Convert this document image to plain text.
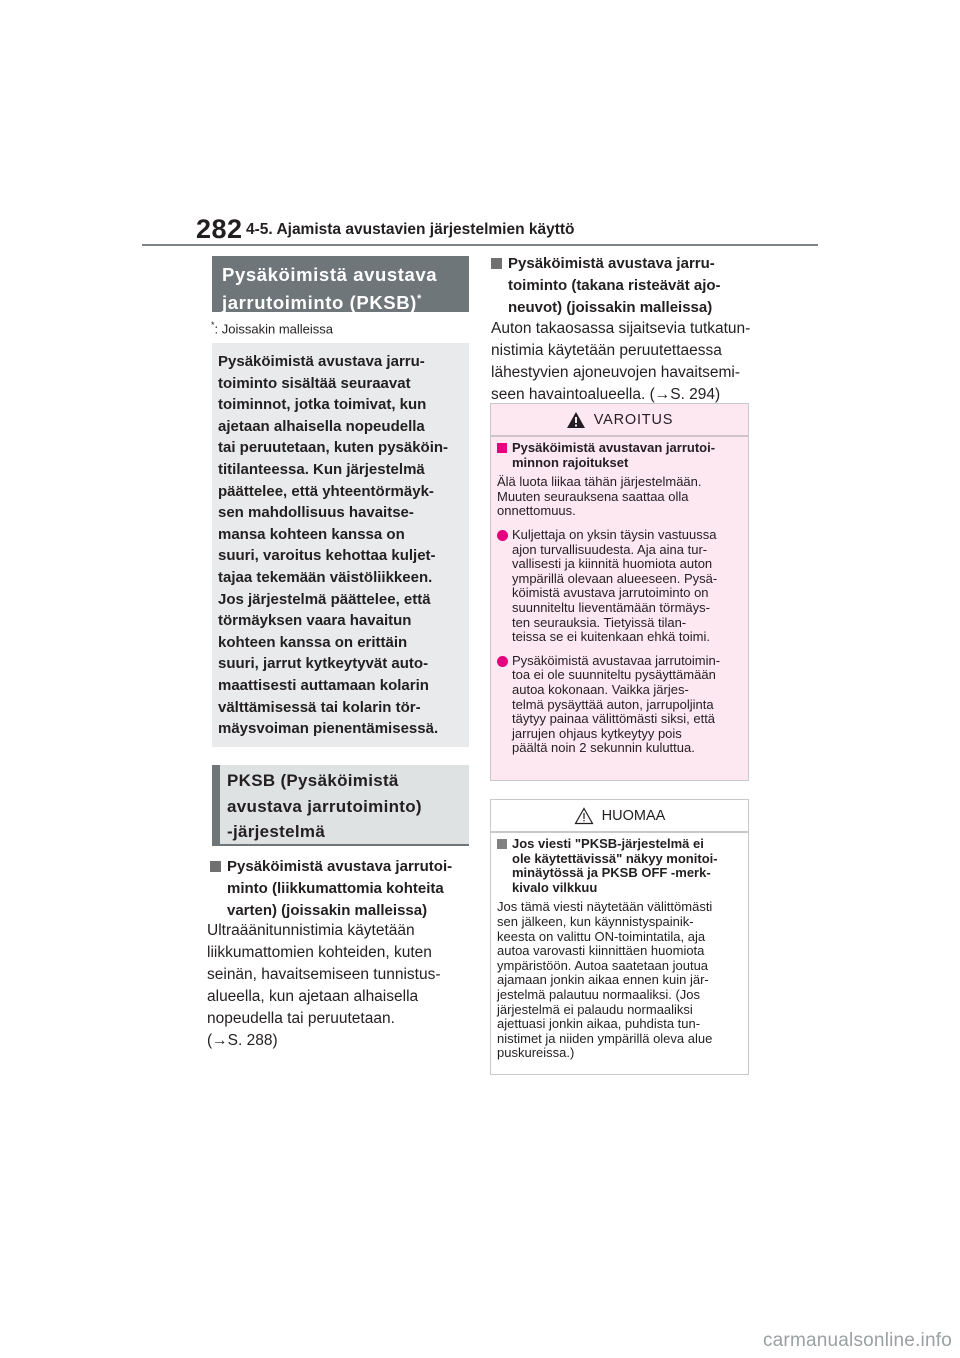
282 4-5. Ajamista avustavien järjestelmien käyttö
Pysäköimistä avustava
jarrutoiminto (PKSB)*
*: Joissakin malleissa
Pysäköimistä avustava jarru-
toiminto sisältää seuraavat
toiminnot, jotka toimivat, kun
ajetaan alhaisella nopeudella
tai peruutetaan, kuten pysäköin-
titilanteessa. Kun järjestelmä
päättelee, että yhteentörmäyk-
sen mahdollisuus havaitse-
mansa kohteen kanssa on
suuri, varoitus kehottaa kuljet-
tajaa tekemään väistöliikkeen.
Jos järjestelmä päättelee, että
törmäyksen vaara havaitun
kohteen kanssa on erittäin
suuri, jarrut kytkeytyvät auto-
maattisesti auttamaan kolarin
välttämisessä tai kolarin tör-
mäysvoiman pienentämisessä.
PKSB (Pysäköimistä
avustava jarrutoiminto)
-järjestelmä
Pysäköimistä avustava jarrutoi-
minto (liikkumattomia kohteita
varten) (joissakin malleissa)
Ultraäänitunnistimia käytetään
liikkumattomien kohteiden, kuten
seinän, havaitsemiseen tunnistus-
alueella, kun ajetaan alhaisella
nopeudella tai peruutetaan.
(→S. 288)
Pysäköimistä avustava jarru-
toiminto (takana risteävät ajo-
neuvot) (joissakin malleissa)
Auton takaosassa sijaitsevia tutkatun-
nistimia käytetään peruutettaessa
lähestyvien ajoneuvojen havaitsemi-
seen havaintoalueella. (→S. 294)
VAROITUS
Pysäköimistä avustavan jarrutoi-
minnon rajoitukset
Älä luota liikaa tähän järjestelmään.
Muuten seurauksena saattaa olla
onnettomuus.
Kuljettaja on yksin täysin vastuussa
ajon turvallisuudesta. Aja aina tur-
vallisesti ja kiinnitä huomiota auton
ympärillä olevaan alueeseen. Pysä-
köimistä avustava jarrutoiminto on
suunniteltu lieventämään törmäys-
ten seurauksia. Tietyissä tilan-
teissa se ei kuitenkaan ehkä toimi.
Pysäköimistä avustavaa jarrutoimin-
toa ei ole suunniteltu pysäyttämään
autoa kokonaan. Vaikka järjes-
telmä pysäyttää auton, jarrupoljinta
täytyy painaa välittömästi siksi, että
jarrujen ohjaus kytkeytyy pois
päältä noin 2 sekunnin kuluttua.
HUOMAA
Jos viesti "PKSB-järjestelmä ei
ole käytettävissä" näkyy monitoi-
minäytössä ja PKSB OFF -merk-
kivalo vilkkuu
Jos tämä viesti näytetään välittömästi
sen jälkeen, kun käynnistyspainik-
keesta on valittu ON-toimintatila, aja
autoa varovasti kiinnittäen huomiota
ympäristöön. Autoa saatetaan joutua
ajamaan jonkin aikaa ennen kuin jär-
jestelmä palautuu normaaliksi. (Jos
järjestelmä ei palaudu normaaliksi
ajettuasi jonkin aikaa, puhdista tun-
nistimet ja niiden ympärillä oleva alue
puskureissa.)
carmanualsonline.info
